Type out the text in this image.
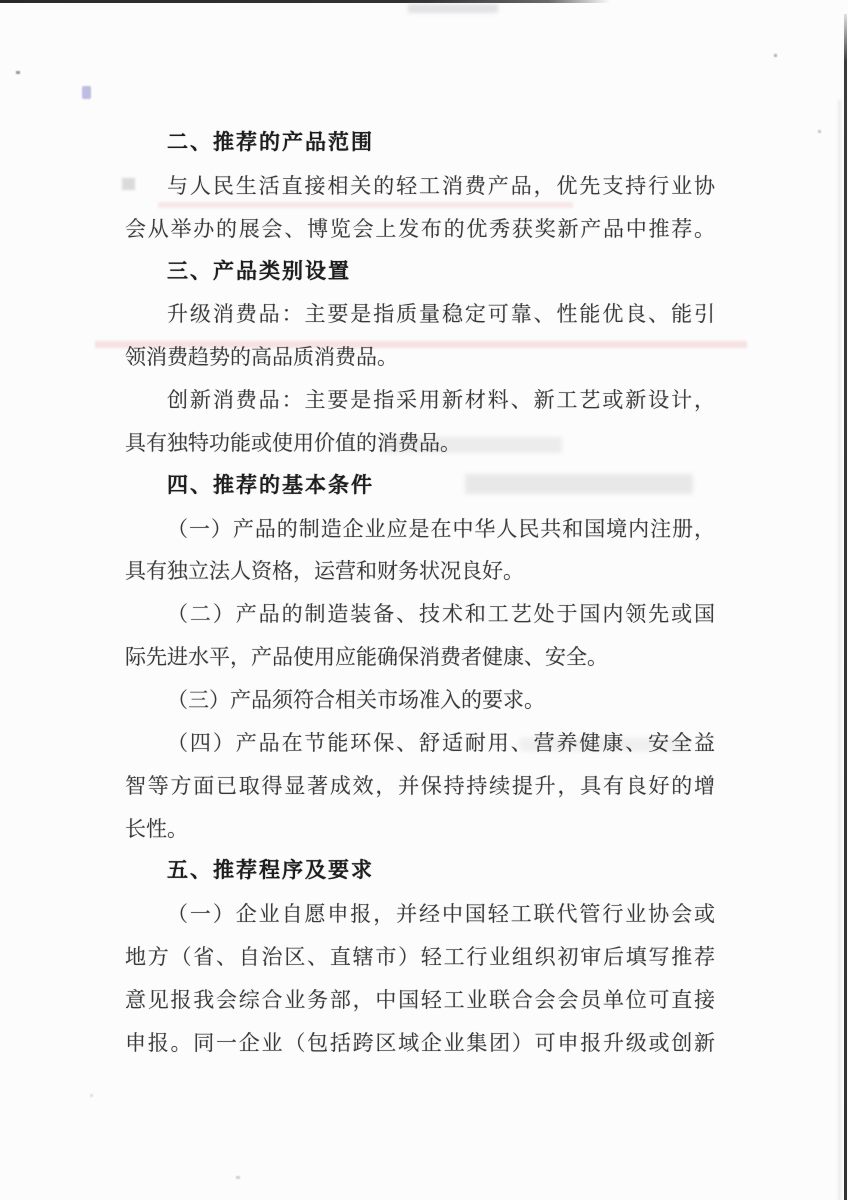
二、推荐的产品范围
与人民生活直接相关的轻工消费产品，优先支持行业协
会从举办的展会、博览会上发布的优秀获奖新产品中推荐。
三、产品类别设置
升级消费品：主要是指质量稳定可靠、性能优良、能引
领消费趋势的高品质消费品。
创新消费品：主要是指采用新材料、新工艺或新设计，
具有独特功能或使用价值的消费品。
四、推荐的基本条件
（一）产品的制造企业应是在中华人民共和国境内注册，
具有独立法人资格，运营和财务状况良好。
（二）产品的制造装备、技术和工艺处于国内领先或国
际先进水平，产品使用应能确保消费者健康、安全。
（三）产品须符合相关市场准入的要求。
（四）产品在节能环保、舒适耐用、营养健康、安全益
智等方面已取得显著成效，并保持持续提升，具有良好的增
长性。
五、推荐程序及要求
（一）企业自愿申报，并经中国轻工联代管行业协会或
地方（省、自治区、直辖市）轻工行业组织初审后填写推荐
意见报我会综合业务部，中国轻工业联合会会员单位可直接
申报。同一企业（包括跨区域企业集团）可申报升级或创新
